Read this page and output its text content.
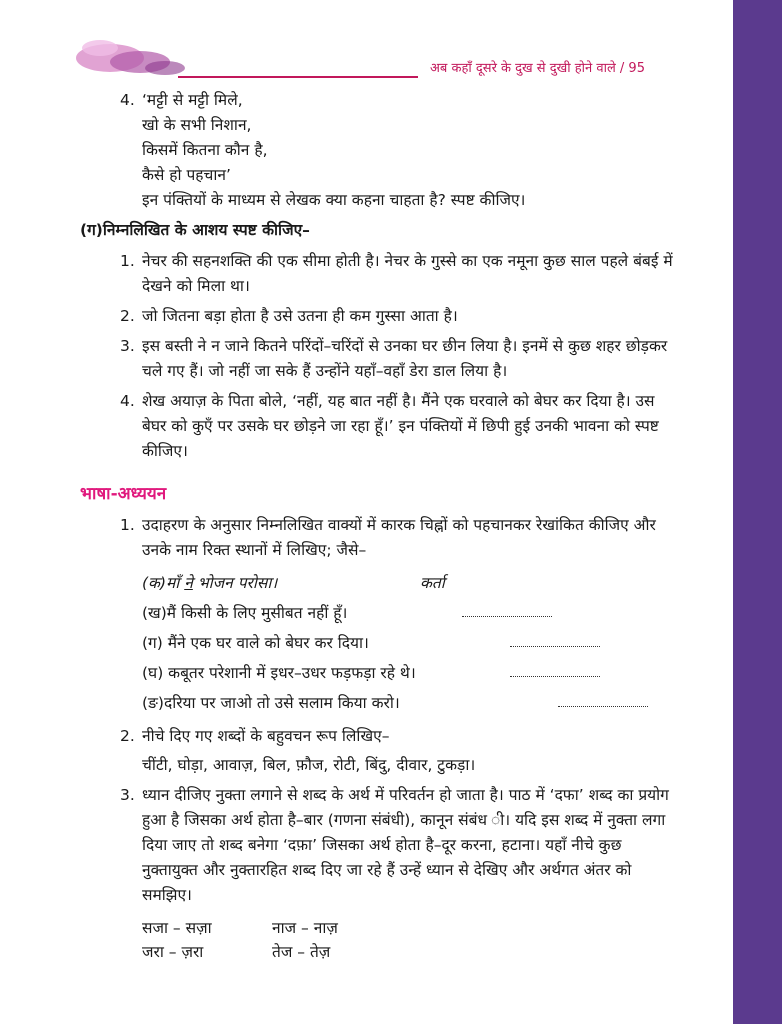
अब कहाँ दूसरे के दुख से दुखी होने वाले / 95
4. ‘मट्टी से मट्टी मिले,
खो के सभी निशान,
किसमें कितना कौन है,
कैसे हो पहचान’
इन पंक्तियों के माध्यम से लेखक क्या कहना चाहता है? स्पष्ट कीजिए।
(ग)निम्नलिखित के आशय स्पष्ट कीजिए–
1. नेचर की सहनशक्ति की एक सीमा होती है। नेचर के गुस्से का एक नमूना कुछ साल पहले बंबई में देखने को मिला था।
2. जो जितना बड़ा होता है उसे उतना ही कम गुस्सा आता है।
3. इस बस्ती ने न जाने कितने परिंदों–चरिंदों से उनका घर छीन लिया है। इनमें से कुछ शहर छोड़कर चले गए हैं। जो नहीं जा सके हैं उन्होंने यहाँ–वहाँ डेरा डाल लिया है।
4. शेख अयाज़ के पिता बोले, ‘नहीं, यह बात नहीं है। मैंने एक घरवाले को बेघर कर दिया है। उस बेघर को कुएँ पर उसके घर छोड़ने जा रहा हूँ।’ इन पंक्तियों में छिपी हुई उनकी भावना को स्पष्ट कीजिए।
भाषा-अध्ययन
1. उदाहरण के अनुसार निम्नलिखित वाक्यों में कारक चिह्नों को पहचानकर रेखांकित कीजिए और उनके नाम रिक्त स्थानों में लिखिए; जैसे–
(क)माँ ने भोजन परोसा।	कर्ता
(ख)मैं किसी के लिए मुसीबत नहीं हूँ।
(ग) मैंने एक घर वाले को बेघर कर दिया।
(घ) कबूतर परेशानी में इधर–उधर फड़फड़ा रहे थे।
(ङ)दरिया पर जाओ तो उसे सलाम किया करो।
2. नीचे दिए गए शब्दों के बहुवचन रूप लिखिए–
चींटी, घोड़ा, आवाज़, बिल, फ़ौज, रोटी, बिंदु, दीवार, टुकड़ा।
3. ध्यान दीजिए नुक्ता लगाने से शब्द के अर्थ में परिवर्तन हो जाता है। पाठ में ‘दफा’ शब्द का प्रयोग हुआ है जिसका अर्थ होता है–बार (गणना संबंधी), कानून संबंध ी। यदि इस शब्द में नुक्ता लगा दिया जाए तो शब्द बनेगा ‘दफ़ा’ जिसका अर्थ होता है–दूर करना, हटाना। यहाँ नीचे कुछ नुक्तायुक्त और नुक्तारहित शब्द दिए जा रहे हैं उन्हें ध्यान से देखिए और अर्थगत अंतर को समझिए।
सजा – सज़ा	नाज – नाज़
जरा – ज़रा	तेज – तेज़
